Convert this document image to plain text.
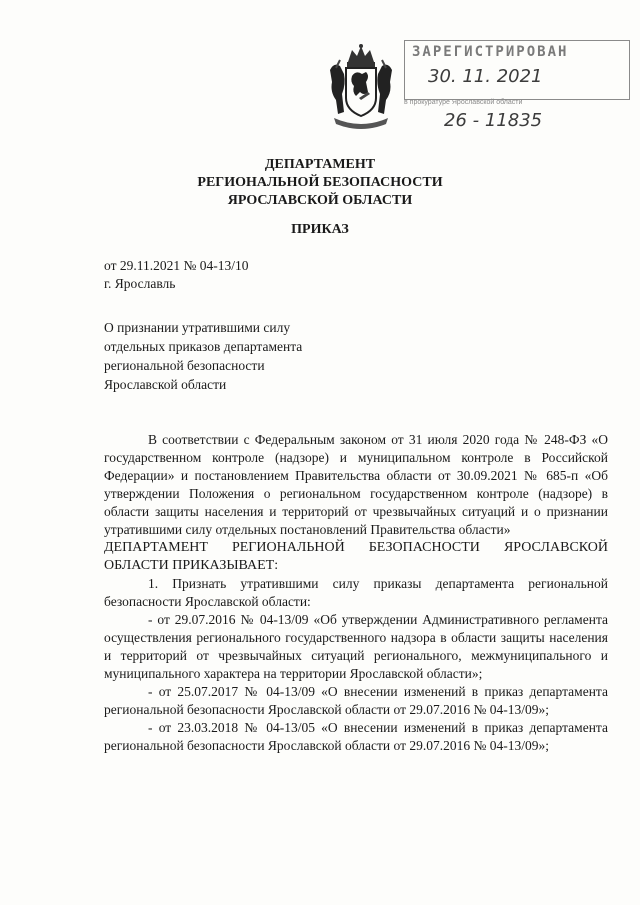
ЗАРЕГИСТРИРОВАН
30. 11. 2021
в прокуратуре Ярославской области
26 - 11835
ДЕПАРТАМЕНТ
РЕГИОНАЛЬНОЙ БЕЗОПАСНОСТИ
ЯРОСЛАВСКОЙ ОБЛАСТИ
ПРИКАЗ
от 29.11.2021 № 04-13/10
г. Ярославль
О признании утратившими силу
отдельных приказов департамента
региональной безопасности
Ярославской области

В соответствии с Федеральным законом от 31 июля 2020 года № 248-ФЗ «О государственном контроле (надзоре) и муниципальном контроле в Российской Федерации» и постановлением Правительства области от 30.09.2021 № 685-п «Об утверждении Положения о региональном государственном контроле (надзоре) в области защиты населения и территорий от чрезвычайных ситуаций и о признании утратившими силу отдельных постановлений Правительства области»

ДЕПАРТАМЕНТ РЕГИОНАЛЬНОЙ БЕЗОПАСНОСТИ ЯРОСЛАВСКОЙ ОБЛАСТИ ПРИКАЗЫВАЕТ:

1. Признать утратившими силу приказы департамента региональной безопасности Ярославской области:

- от 29.07.2016 № 04-13/09 «Об утверждении Административного регламента осуществления регионального государственного надзора в области защиты населения и территорий от чрезвычайных ситуаций регионального, межмуниципального и муниципального характера на территории Ярославской области»;

- от 25.07.2017 № 04-13/09 «О внесении изменений в приказ департамента региональной безопасности Ярославской области от 29.07.2016 № 04-13/09»;

- от 23.03.2018 № 04-13/05 «О внесении изменений в приказ департамента региональной безопасности Ярославской области от 29.07.2016 № 04-13/09»;
